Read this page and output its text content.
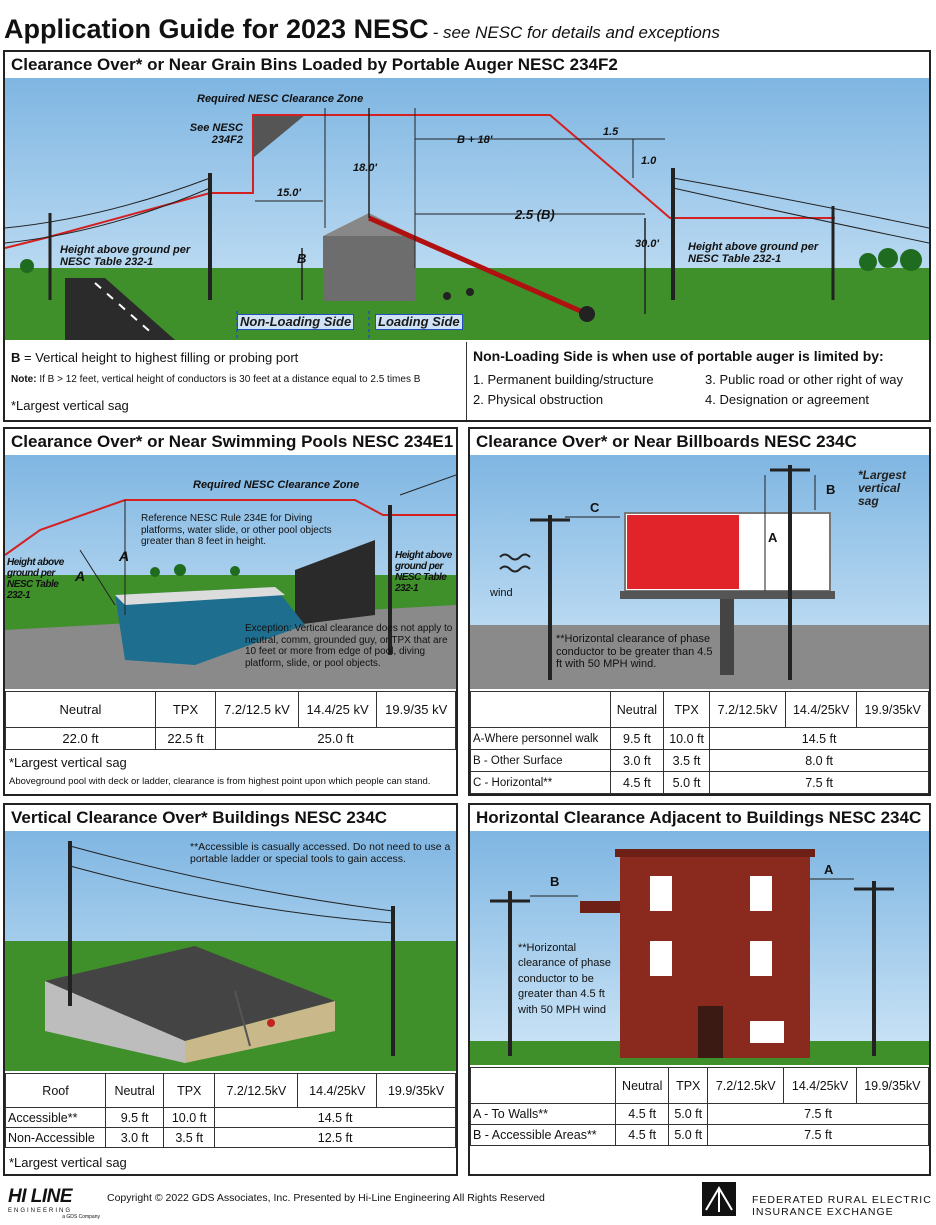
Application Guide for 2023 NESC - see NESC for details and exceptions
Clearance Over* or Near Grain Bins Loaded by Portable Auger NESC 234F2
Required NESC Clearance Zone
See NESC 234F2	B + 18'
1.5
1.0
18.0'
15.0'
2.5 (B)
30.0'
B
Height above ground per NESC Table 232-1
Height above ground per NESC Table 232-1
Non-Loading Side Loading Side
B = Vertical height to highest filling or probing port
Note: If B > 12 feet, vertical height of conductors is 30 feet at a distance equal to 2.5 times B
*Largest vertical sag
Non-Loading Side is when use of portable auger is limited by:
1. Permanent building/structure
2. Physical obstruction
3. Public road or other right of way
4. Designation or agreement
Clearance Over* or Near Swimming Pools NESC 234E1
Required NESC Clearance Zone
Reference NESC Rule 234E for Diving platforms, water slide, or other pool objects greater than 8 feet in height.
Height above ground per NESC Table 232-1
Height above ground per NESC Table 232-1
A
A
Exception: Vertical clearance does not apply to neutral, comm, grounded guy, or TPX that are 10 feet or more from edge of pool, diving platform, slide, or pool objects.
Neutral	TPX	7.2/12.5 kV	14.4/25 kV	19.9/35 kV
22.0 ft	22.5 ft	25.0 ft		
*Largest vertical sag
Aboveground pool with deck or ladder, clearance is from highest point upon which people can stand.
Clearance Over* or Near Billboards NESC 234C
C
B
A
*Largest vertical sag
wind
**Horizontal clearance of phase conductor to be greater than 4.5 ft with 50 MPH wind.
	Neutral	TPX	7.2/12.5kV	14.4/25kV	19.9/35kV
A-Where personnel walk	9.5 ft	10.0 ft	14.5 ft		
B - Other Surface	3.0 ft	3.5 ft	8.0 ft		
C - Horizontal**	4.5 ft	5.0 ft	7.5 ft		
Vertical Clearance Over* Buildings NESC 234C
**Accessible is casually accessed. Do not need to use a portable ladder or special tools to gain access.
Roof	Neutral	TPX	7.2/12.5kV	14.4/25kV	19.9/35kV
Accessible**	9.5 ft	10.0 ft	14.5 ft		
Non-Accessible	3.0 ft	3.5 ft	12.5 ft		
*Largest vertical sag
Horizontal Clearance Adjacent to Buildings NESC 234C
A
B
**Horizontal clearance of phase conductor to be greater than 4.5 ft with 50 MPH wind
	Neutral	TPX	7.2/12.5kV	14.4/25kV	19.9/35kV
A - To Walls**	4.5 ft	5.0 ft	7.5 ft		
B - Accessible Areas**	4.5 ft	5.0 ft	7.5 ft		
HI LINE
ENGINEERING
a GDS Company
Copyright © 2022 GDS Associates, Inc. Presented by Hi-Line Engineering All Rights Reserved	FEDERATED RURAL ELECTRIC
INSURANCE EXCHANGE
